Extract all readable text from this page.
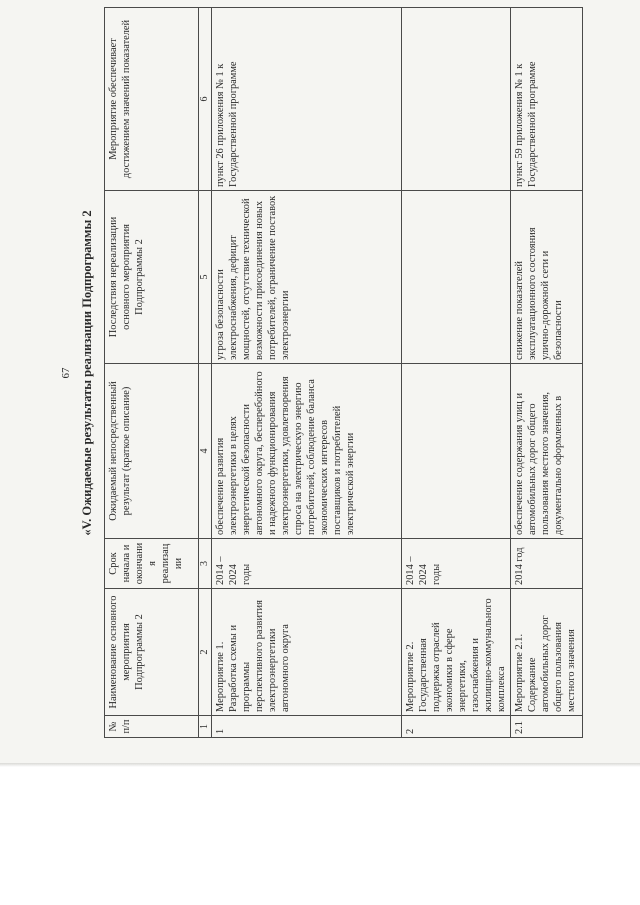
67 «V. Ожидаемые результаты реализации Подпрограммы 2
№ п/п	Наименование основного мероприятия Подпрограммы 2	Срок начала и окончания реализации	Ожидаемый непосредственный результат (краткое описание)	Последствия нереализации основного мероприятия Подпрограммы 2	Мероприятие обеспечивает достижением значений показателей
1	2	3	4	5	6
1	Мероприятие 1. Разработка схемы и программы перспективного развития электроэнергетики автономного округа	2014 – 2024 годы	обеспечение развития электроэнергетики в целях энергетической безопасности автономного округа, бесперебойного и надежного функционирования электроэнергетики, удовлетворения спроса на электрическую энергию потребителей, соблюдение баланса экономических интересов поставщиков и потребителей электрической энергии	угроза безопасности электроснабжения, дефицит мощностей, отсутствие технической возможности присоединения новых потребителей, ограничение поставок электроэнергии	пункт 26 приложения № 1 к Государственной программе
2	Мероприятие 2. Государственная поддержка отраслей экономики в сфере энергетики, газоснабжения и жилищно-коммунального комплекса	2014 – 2024 годы			
2.1	Мероприятие 2.1. Содержание автомобильных дорог общего пользования местного значения	2014 год	обеспечение содержания улиц и автомобильных дорог общего пользования местного значения, документально оформленных в	снижение показателей эксплуатационного состояния улично-дорожной сети и безопасности	пункт 59 приложения № 1 к Государственной программе
